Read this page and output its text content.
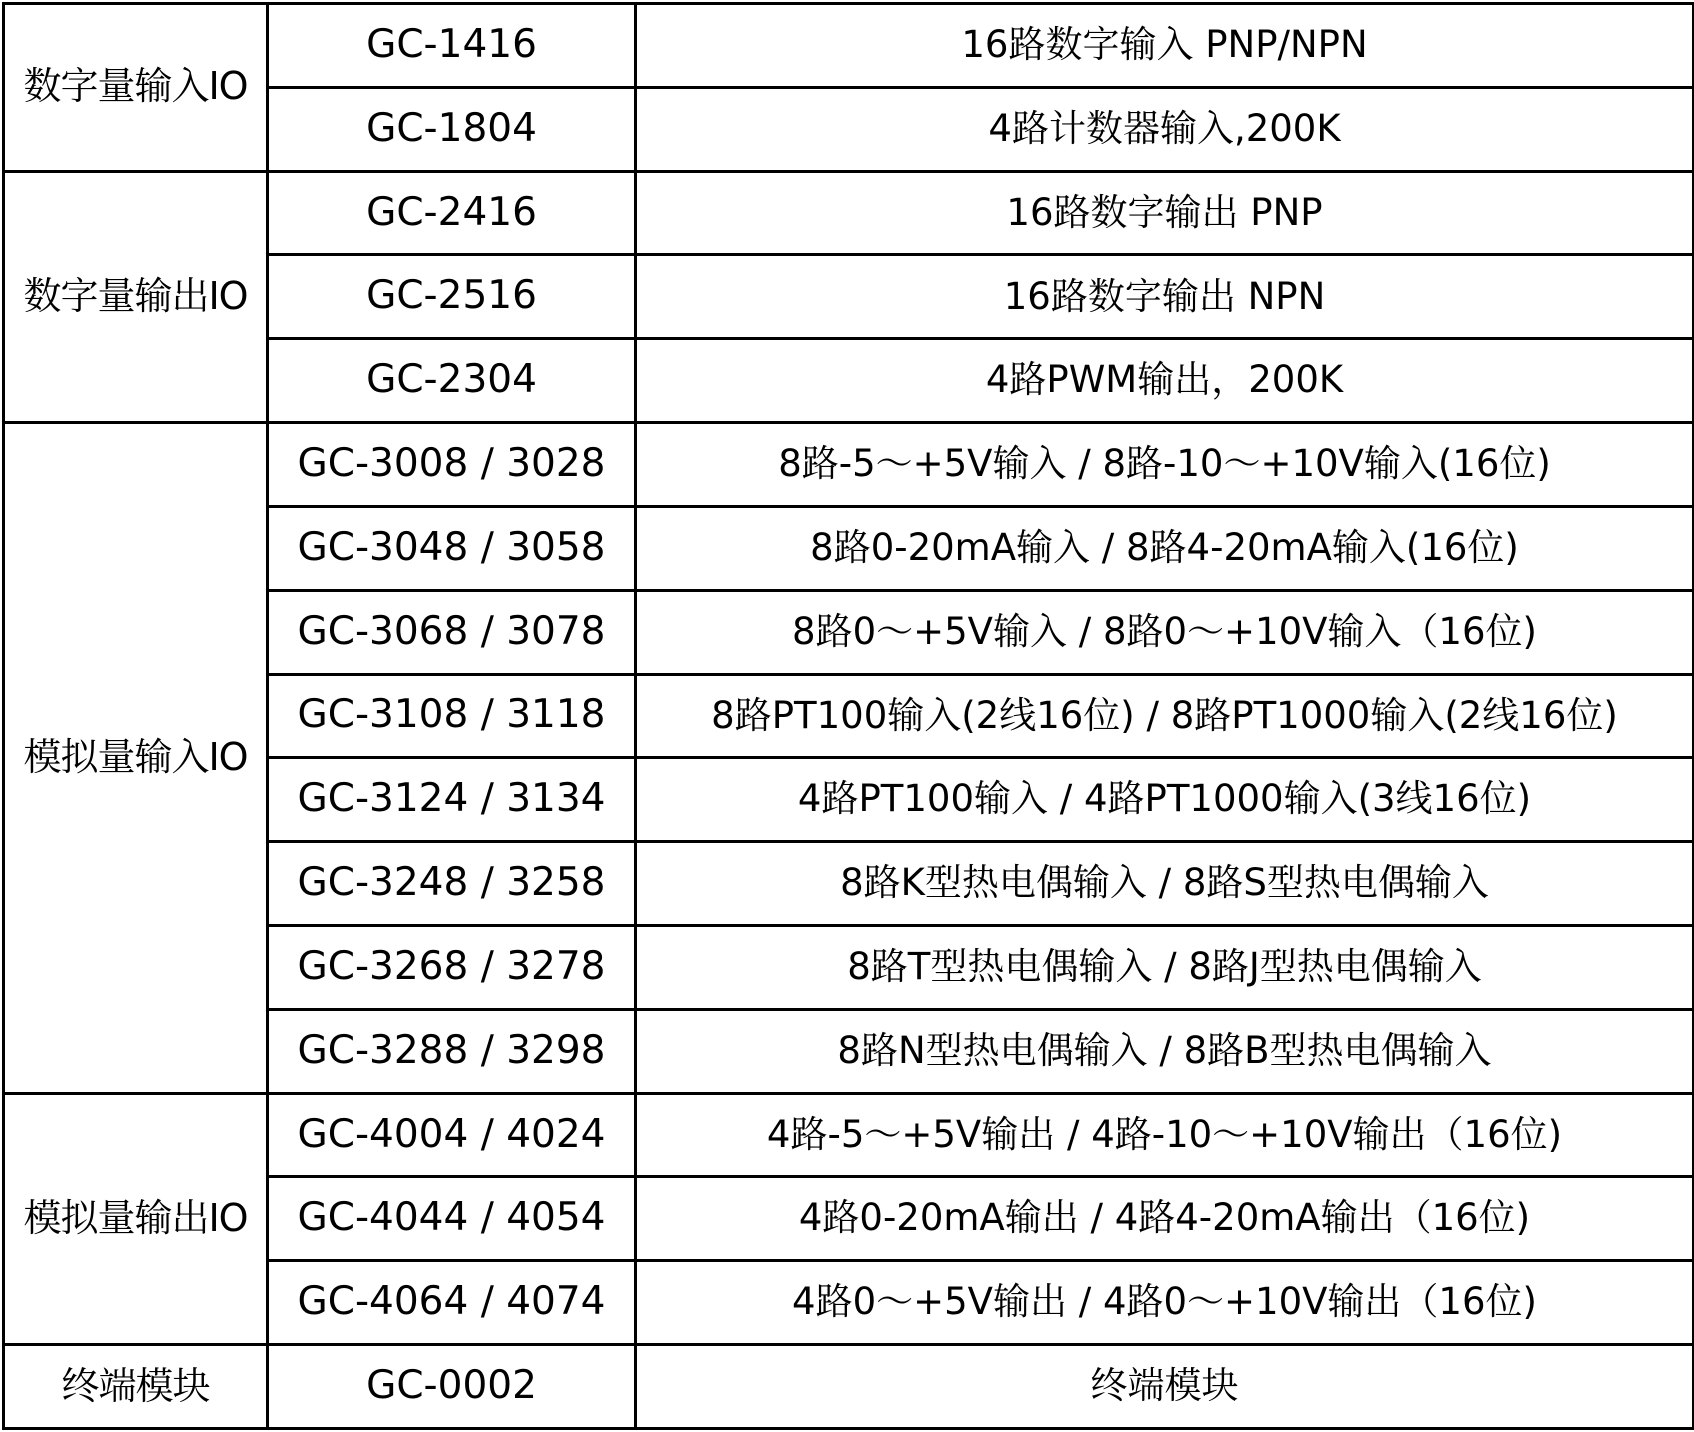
数字量输入IO	GC-1416	16路数字输入 PNP/NPN
	GC-1804	4路计数器输入,200K
数字量输出IO	GC-2416	16路数字输出 PNP
	GC-2516	16路数字输出 NPN
	GC-2304	4路PWM输出，200K
模拟量输入IO	GC-3008 / 3028	8路-5～+5V输入 / 8路-10～+10V输入(16位)
	GC-3048 / 3058	8路0-20mA输入 / 8路4-20mA输入(16位)
	GC-3068 / 3078	8路0～+5V输入 / 8路0～+10V输入（16位)
	GC-3108 / 3118	8路PT100输入(2线16位) / 8路PT1000输入(2线16位)
	GC-3124 / 3134	4路PT100输入 / 4路PT1000输入(3线16位)
	GC-3248 / 3258	8路K型热电偶输入 / 8路S型热电偶输入
	GC-3268 / 3278	8路T型热电偶输入 / 8路J型热电偶输入
	GC-3288 / 3298	8路N型热电偶输入 / 8路B型热电偶输入
模拟量输出IO	GC-4004 / 4024	4路-5～+5V输出 / 4路-10～+10V输出（16位)
	GC-4044 / 4054	4路0-20mA输出 / 4路4-20mA输出（16位)
	GC-4064 / 4074	4路0～+5V输出 / 4路0～+10V输出（16位)
终端模块	GC-0002	终端模块
